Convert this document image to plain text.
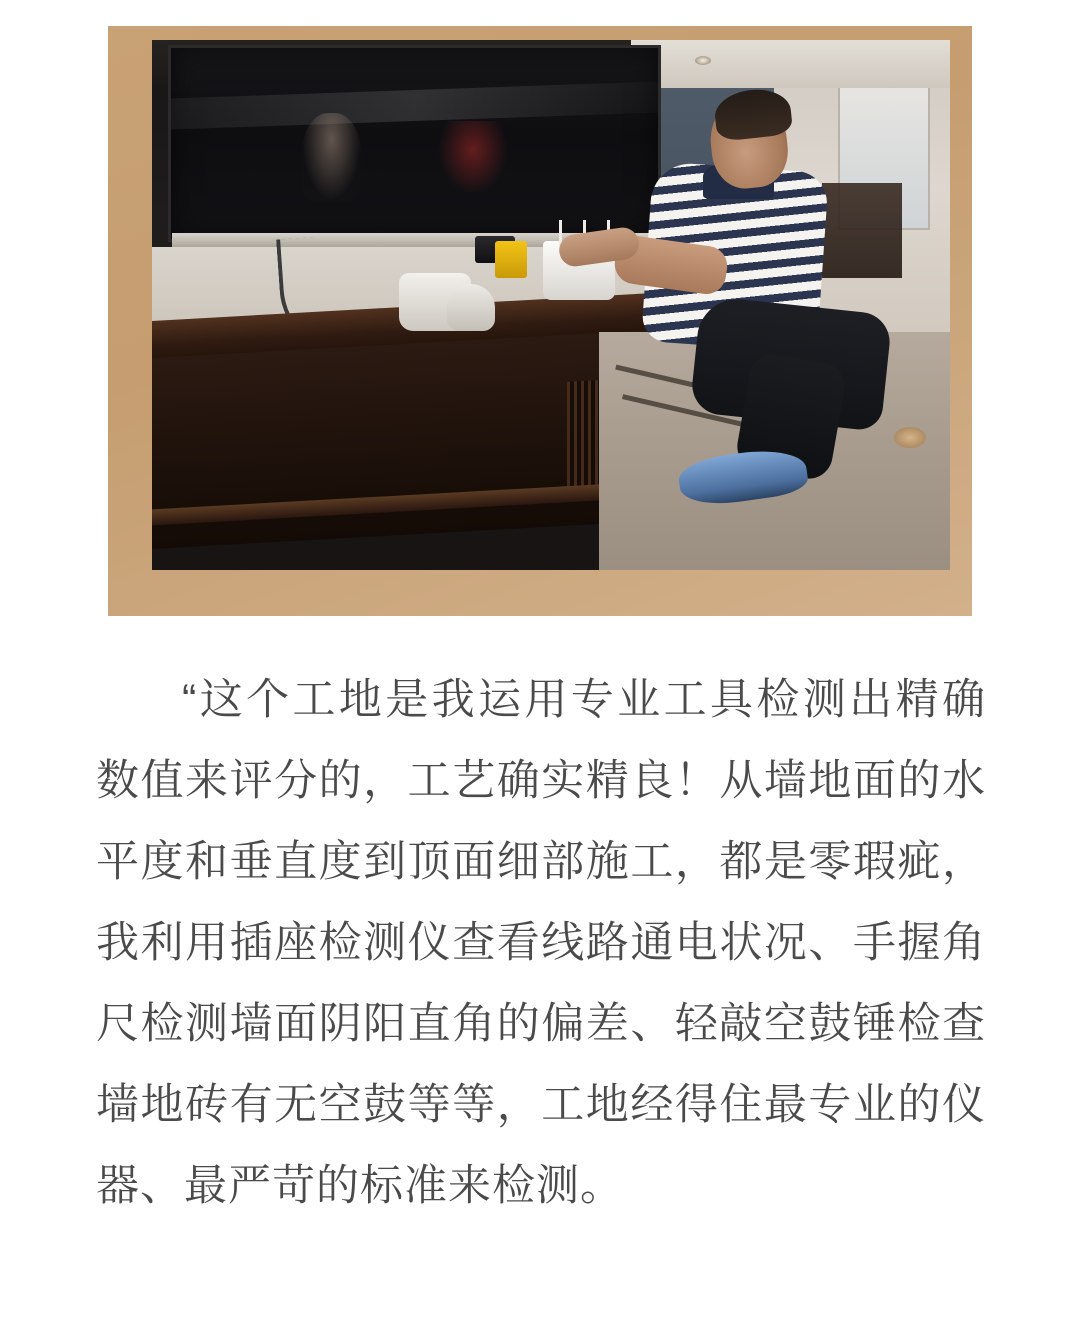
“这个工地是我运用专业工具检测出精确数值来评分的，工艺确实精良！从墙地面的水平度和垂直度到顶面细部施工，都是零瑕疵，我利用插座检测仪查看线路通电状况、手握角尺检测墙面阴阳直角的偏差、轻敲空鼓锤检查墙地砖有无空鼓等等，工地经得住最专业的仪器、最严苛的标准来检测。
